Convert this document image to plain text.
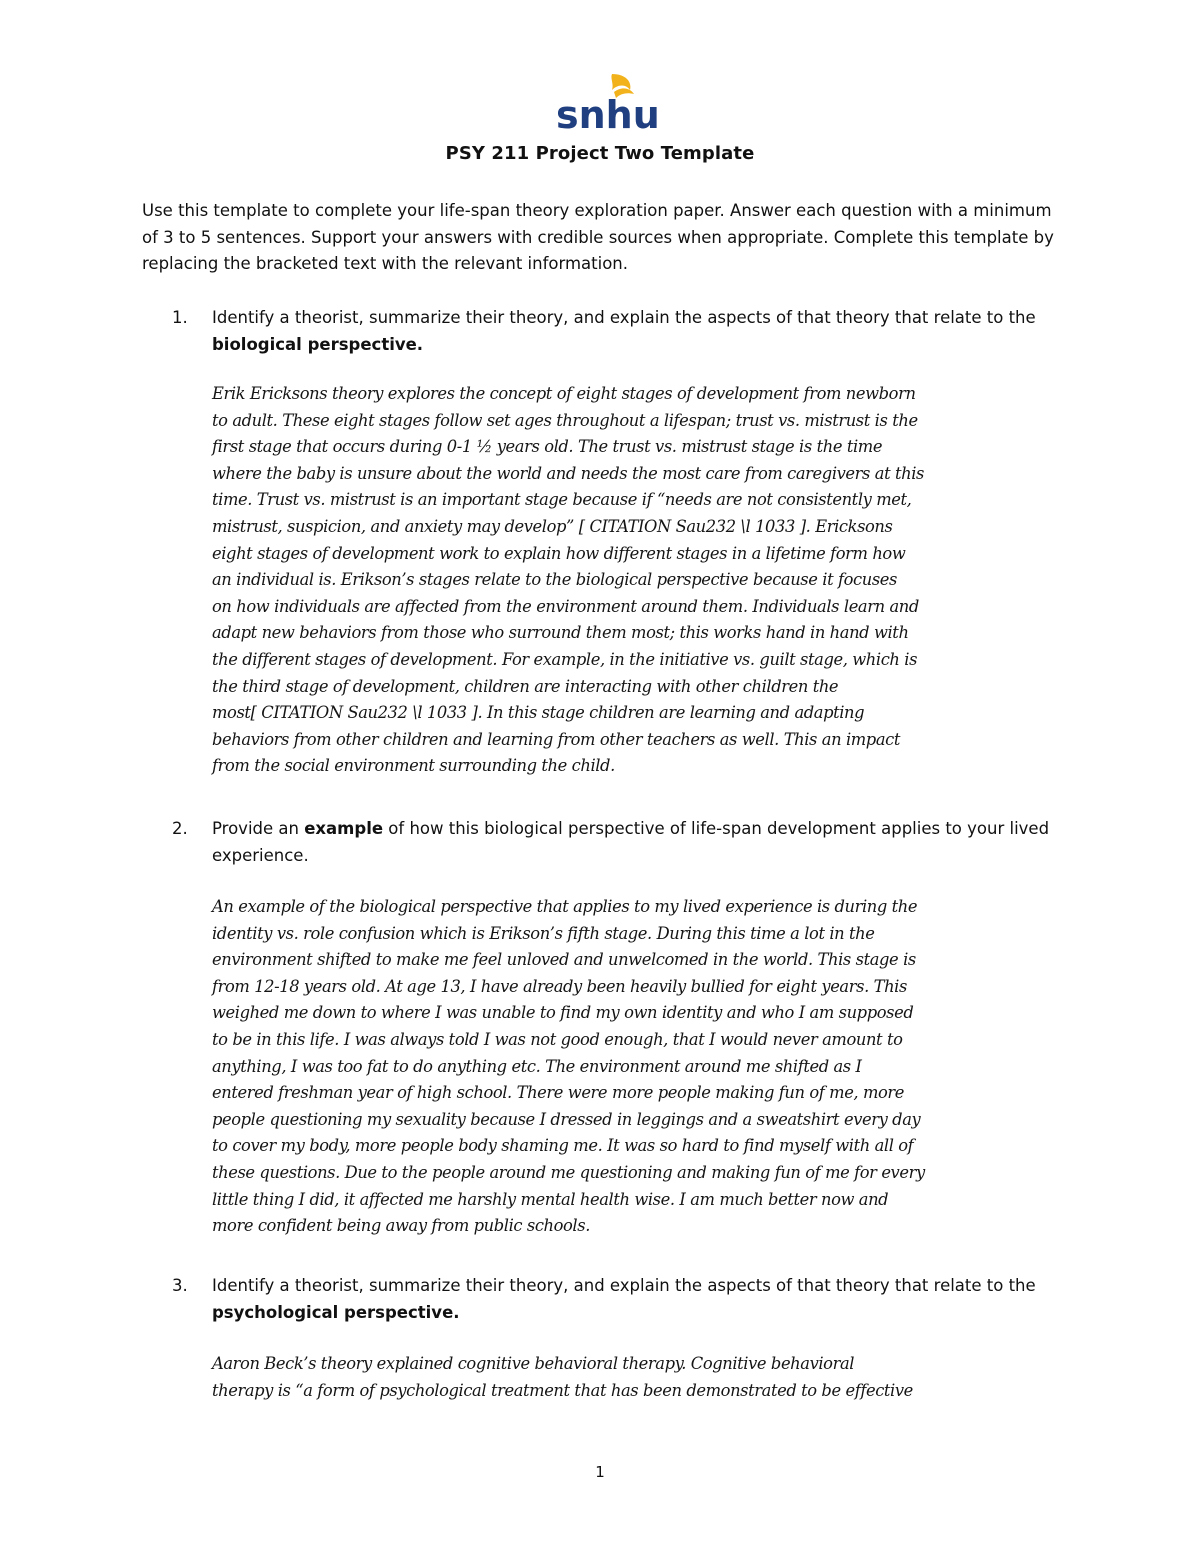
snhu
PSY 211 Project Two Template
Use this template to complete your life-span theory exploration paper. Answer each question with a minimum of 3 to 5 sentences. Support your answers with credible sources when appropriate. Complete this template by replacing the bracketed text with the relevant information.
1.	Identify a theorist, summarize their theory, and explain the aspects of that theory that relate to the biological perspective.
Erik Ericksons theory explores the concept of eight stages of development from newborn
to adult. These eight stages follow set ages throughout a lifespan; trust vs. mistrust is the
first stage that occurs during 0-1 ½ years old. The trust vs. mistrust stage is the time
where the baby is unsure about the world and needs the most care from caregivers at this
time. Trust vs. mistrust is an important stage because if “needs are not consistently met,
mistrust, suspicion, and anxiety may develop” [ CITATION Sau232 \l 1033 ]. Ericksons
eight stages of development work to explain how different stages in a lifetime form how
an individual is. Erikson’s stages relate to the biological perspective because it focuses
on how individuals are affected from the environment around them. Individuals learn and
adapt new behaviors from those who surround them most; this works hand in hand with
the different stages of development. For example, in the initiative vs. guilt stage, which is
the third stage of development, children are interacting with other children the
most[ CITATION Sau232 \l 1033 ]. In this stage children are learning and adapting
behaviors from other children and learning from other teachers as well. This an impact
from the social environment surrounding the child.
2.	Provide an example of how this biological perspective of life-span development applies to your lived experience.
An example of the biological perspective that applies to my lived experience is during the
identity vs. role confusion which is Erikson’s fifth stage. During this time a lot in the
environment shifted to make me feel unloved and unwelcomed in the world. This stage is
from 12-18 years old. At age 13, I have already been heavily bullied for eight years. This
weighed me down to where I was unable to find my own identity and who I am supposed
to be in this life. I was always told I was not good enough, that I would never amount to
anything, I was too fat to do anything etc. The environment around me shifted as I
entered freshman year of high school. There were more people making fun of me, more
people questioning my sexuality because I dressed in leggings and a sweatshirt every day
to cover my body, more people body shaming me. It was so hard to find myself with all of
these questions. Due to the people around me questioning and making fun of me for every
little thing I did, it affected me harshly mental health wise. I am much better now and
more confident being away from public schools.
3.	Identify a theorist, summarize their theory, and explain the aspects of that theory that relate to the psychological perspective.
Aaron Beck’s theory explained cognitive behavioral therapy. Cognitive behavioral
therapy is “a form of psychological treatment that has been demonstrated to be effective
1
